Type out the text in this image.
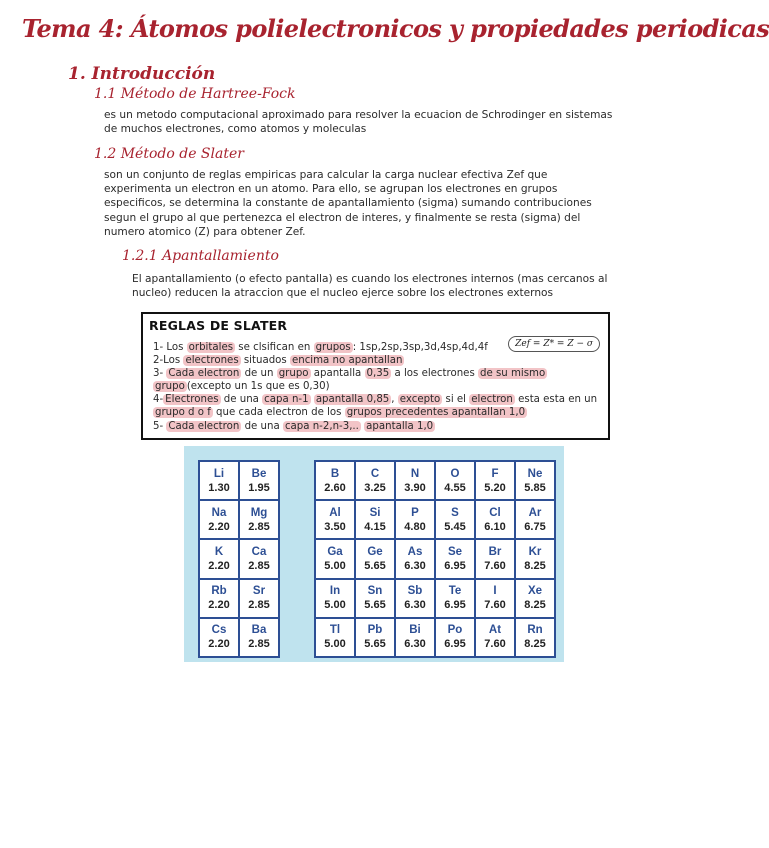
Tema 4: Átomos polielectronicos y propiedades periodicas
1. Introducción
1.1 Método de Hartree-Fock

es un metodo computacional aproximado para resolver la ecuacion de Schrodinger en sistemas

de muchos electrones, como atomos y moleculas

1.2 Método de Slater

son un conjunto de reglas empiricas para calcular la carga nuclear efectiva Zef que

experimenta un electron en un atomo. Para ello, se agrupan los electrones en grupos

especificos, se determina la constante de apantallamiento (sigma) sumando contribuciones

segun el grupo al que pertenezca el electron de interes, y finalmente se resta (sigma) del

numero atomico (Z) para obtener Zef.

1.2.1 Apantallamiento

El apantallamiento (o efecto pantalla) es cuando los electrones internos (mas cercanos al

nucleo) reducen la atraccion que el nucleo ejerce sobre los electrones externos

REGLAS DE SLATER
Zef = Z* = Z − σ
1- Los orbitales se clsifican en grupos : 1sp,2sp,3sp,3d,4sp,4d,4f
2-Los electrones situados encima no apantallan
3- Cada electron de un grupo apantalla 0,35 a los electrones de su mismo
grupo (excepto un 1s que es 0,30)
4- Electrones de una capa n-1 apantalla 0,85 , excepto si el electron esta esta en un
grupo d o f que cada electron de los grupos precedentes apantallan 1,0
5- Cada electron de una capa n-2,n-3,.. apantalla 1,0
Li
1.30
Be
1.95
Na
2.20
Mg
2.85
K
2.20
Ca
2.85
Rb
2.20
Sr
2.85
Cs
2.20
Ba
2.85
B
2.60
C
3.25
N
3.90
O
4.55
F
5.20
Ne
5.85
Al
3.50
Si
4.15
P
4.80
S
5.45
Cl
6.10
Ar
6.75
Ga
5.00
Ge
5.65
As
6.30
Se
6.95
Br
7.60
Kr
8.25
In
5.00
Sn
5.65
Sb
6.30
Te
6.95
I
7.60
Xe
8.25
Tl
5.00
Pb
5.65
Bi
6.30
Po
6.95
At
7.60
Rn
8.25
